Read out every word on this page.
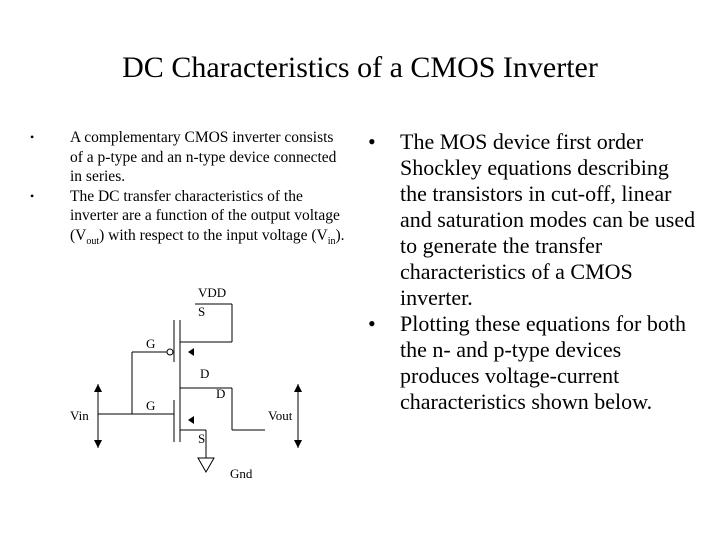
DC Characteristics of a CMOS Inverter
• A complementary CMOS inverter consists of a p-type and an n-type device connected in series.

• The DC transfer characteristics of the inverter are a function of the output voltage $(V_{out})$ with respect to the input voltage $(V_{in})$.

• The MOS device first order Shockley equations describing the transistors in cut-off, linear and saturation modes can be used to generate the transfer characteristics of a CMOS inverter.

• Plotting these equations for both the n- and p-type devices produces voltage-current characteristics shown below.

VDD
S
G
D
D
G
S
Vin	Vout
Gnd
